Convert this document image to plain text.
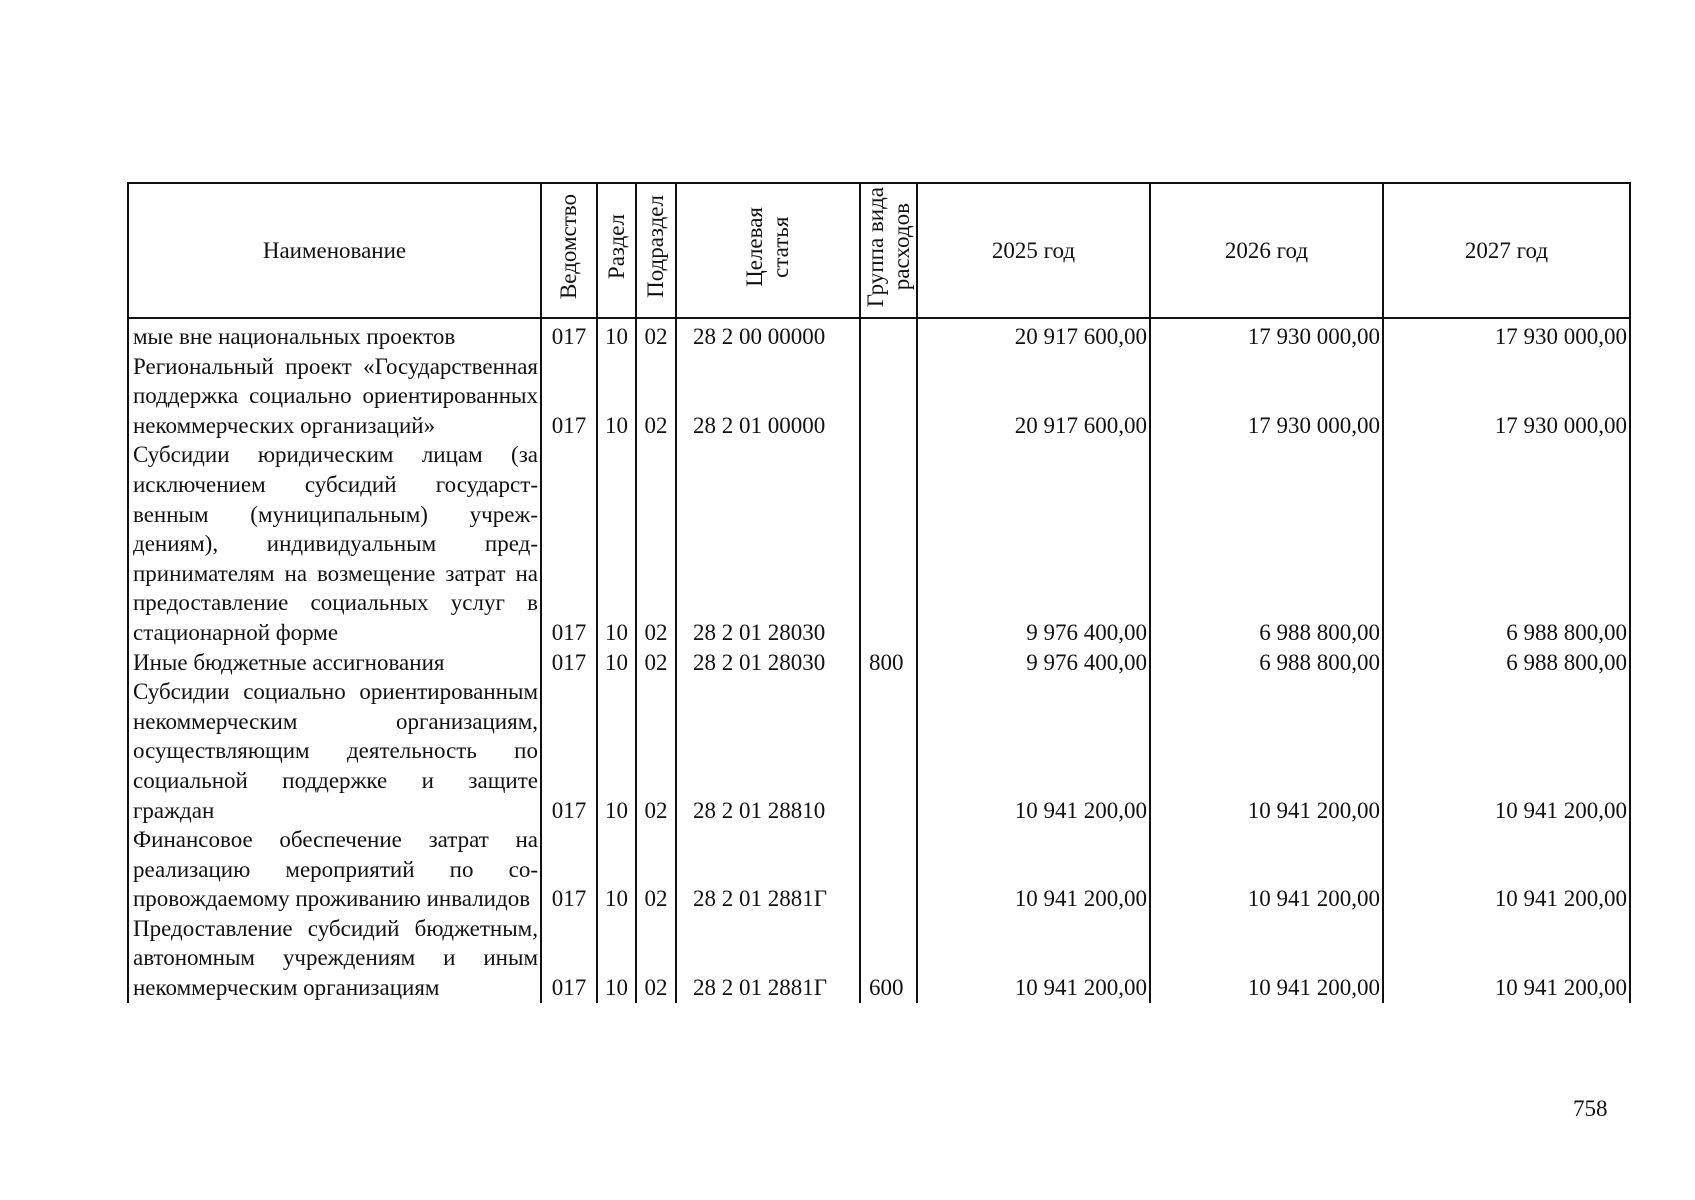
Наименование	Ведомство	Раздел	Подраздел	Целевая статья	Группа вида расходов	2025 год	2026 год	2027 год
мые вне национальных проектов	017	10	02	28 2 00 00000		20 917 600,00	17 930 000,00	17 930 000,00
Региональный проект «Государственная поддержка социально ориентированных некоммерческих организаций»	017	10	02	28 2 01 00000		20 917 600,00	17 930 000,00	17 930 000,00
Субсидии юридическим лицам (за исключением субсидий государственным (муниципальным) учреждениям), индивидуальным предпринимателям на возмещение затрат на предоставление социальных услуг в стационарной форме	017	10	02	28 2 01 28030		9 976 400,00	6 988 800,00	6 988 800,00
Иные бюджетные ассигнования	017	10	02	28 2 01 28030	800	9 976 400,00	6 988 800,00	6 988 800,00
Субсидии социально ориентированным некоммерческим организациям, осуществляющим деятельность по социальной поддержке и защите граждан	017	10	02	28 2 01 28810		10 941 200,00	10 941 200,00	10 941 200,00
Финансовое обеспечение затрат на реализацию мероприятий по сопровождаемому проживанию инвалидов	017	10	02	28 2 01 2881Г		10 941 200,00	10 941 200,00	10 941 200,00
Предоставление субсидий бюджетным, автономным учреждениям и иным некоммерческим организациям	017	10	02	28 2 01 2881Г	600	10 941 200,00	10 941 200,00	10 941 200,00
758
